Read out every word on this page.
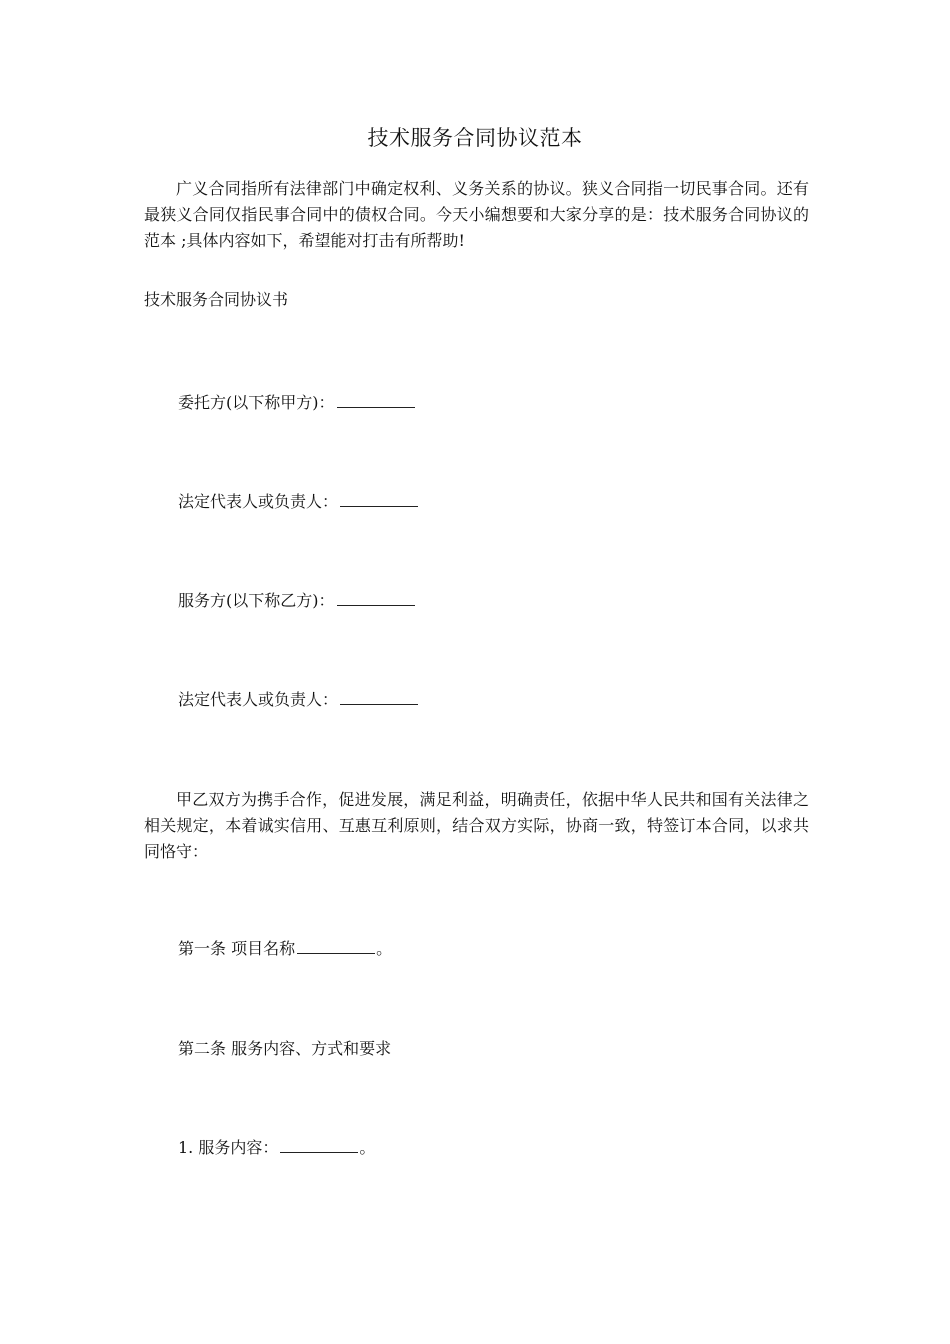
技术服务合同协议范本
广义合同指所有法律部门中确定权利、义务关系的协议。狭义合同指一切民事合同。还有最狭义合同仅指民事合同中的债权合同。今天小编想要和大家分享的是：技术服务合同协议的范本 ;具体内容如下，希望能对打击有所帮助!
技术服务合同协议书
委托方(以下称甲方)：
法定代表人或负责人：
服务方(以下称乙方)：
法定代表人或负责人：
甲乙双方为携手合作，促进发展，满足利益，明确责任，依据中华人民共和国有关法律之相关规定，本着诚实信用、互惠互利原则，结合双方实际，协商一致，特签订本合同，以求共同恪守：
第一条 项目名称	。
第二条 服务内容、方式和要求
1. 服务内容：	。
